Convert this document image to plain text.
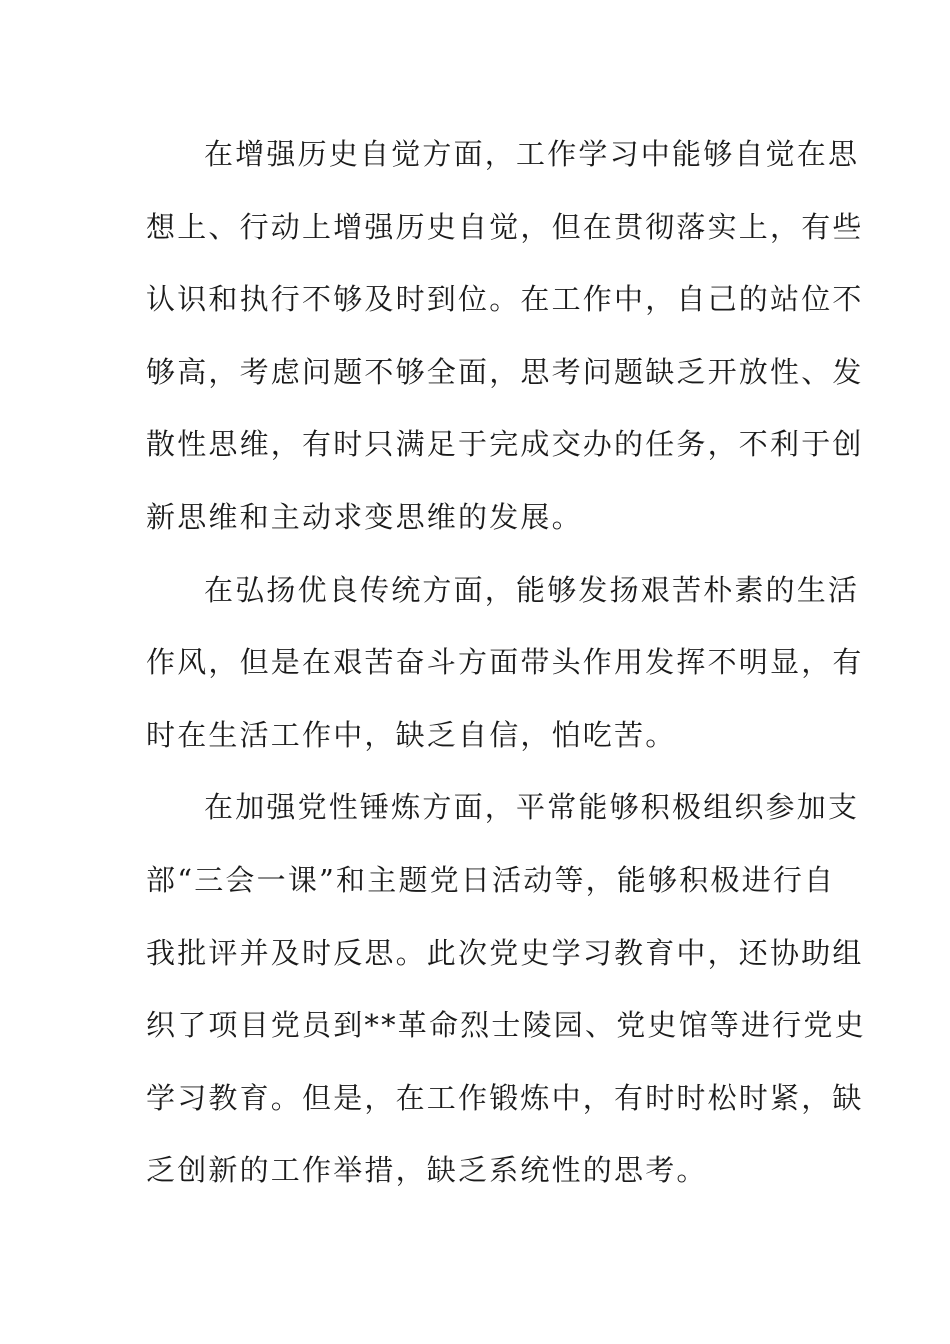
在增强历史自觉方面，工作学习中能够自觉在思
想上、行动上增强历史自觉，但在贯彻落实上，有些
认识和执行不够及时到位。在工作中，自己的站位不
够高，考虑问题不够全面，思考问题缺乏开放性、发
散性思维，有时只满足于完成交办的任务，不利于创
新思维和主动求变思维的发展。
在弘扬优良传统方面，能够发扬艰苦朴素的生活
作风，但是在艰苦奋斗方面带头作用发挥不明显，有
时在生活工作中，缺乏自信，怕吃苦。
在加强党性锤炼方面，平常能够积极组织参加支
部“三会一课”和主题党日活动等，能够积极进行自
我批评并及时反思。此次党史学习教育中，还协助组
织了项目党员到**革命烈士陵园、党史馆等进行党史
学习教育。但是，在工作锻炼中，有时时松时紧，缺
乏创新的工作举措，缺乏系统性的思考。
